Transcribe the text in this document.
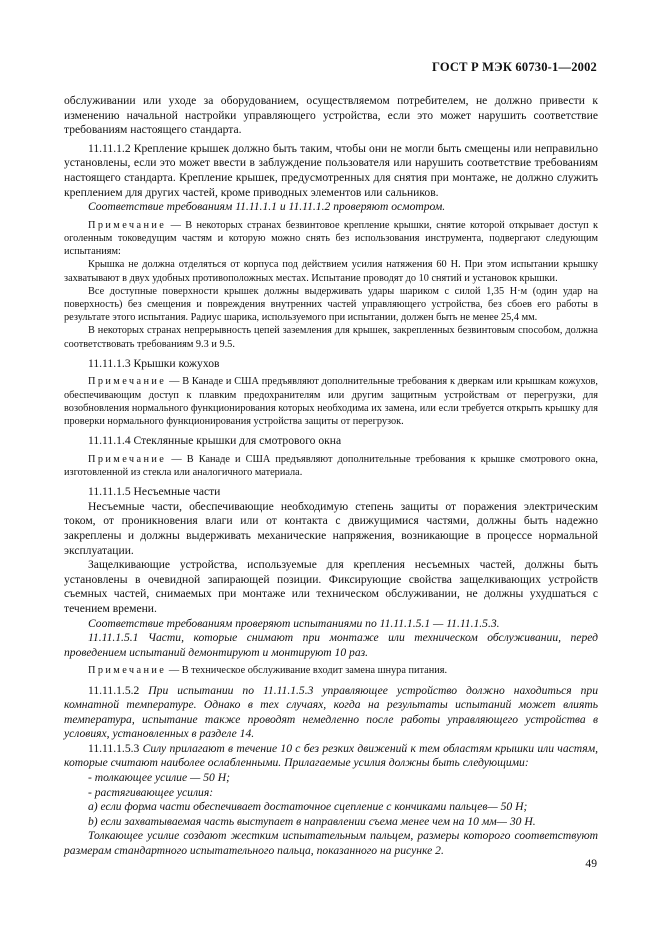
ГОСТ Р МЭК 60730-1—2002

обслуживании или уходе за оборудованием, осуществляемом потребителем, не должно привести к изменению начальной настройки управляющего устройства, если это может нарушить соответствие требованиям настоящего стандарта.

11.11.1.2 Крепление крышек должно быть таким, чтобы они не могли быть смещены или неправильно установлены, если это может ввести в заблуждение пользователя или нарушить соответствие требованиям настоящего стандарта. Крепление крышек, предусмотренных для снятия при монтаже, не должно служить креплением для других частей, кроме приводных элементов или сальников.

Соответствие требованиям 11.11.1.1 и 11.11.1.2 проверяют осмотром.

Примечание — В некоторых странах безвинтовое крепление крышки, снятие которой открывает доступ к оголенным токоведущим частям и которую можно снять без использования инструмента, подвергают следующим испытаниям:

Крышка не должна отделяться от корпуса под действием усилия натяжения 60 Н. При этом испытании крышку захватывают в двух удобных противоположных местах. Испытание проводят до 10 снятий и установок крышки.

Все доступные поверхности крышек должны выдерживать удары шариком с силой 1,35 Н·м (один удар на поверхность) без смещения и повреждения внутренних частей управляющего устройства, без сбоев его работы в результате этого испытания. Радиус шарика, используемого при испытании, должен быть не менее 25,4 мм.

В некоторых странах непрерывность цепей заземления для крышек, закрепленных безвинтовым способом, должна соответствовать требованиям 9.3 и 9.5.

11.11.1.3 Крышки кожухов

Примечание — В Канаде и США предъявляют дополнительные требования к дверкам или крышкам кожухов, обеспечивающим доступ к плавким предохранителям или другим защитным устройствам от перегрузки, для возобновления нормального функционирования которых необходима их замена, или если требуется открыть крышку для проверки нормального функционирования устройства защиты от перегрузок.

11.11.1.4 Стеклянные крышки для смотрового окна

Примечание — В Канаде и США предъявляют дополнительные требования к крышке смотрового окна, изготовленной из стекла или аналогичного материала.

11.11.1.5 Несъемные части

Несъемные части, обеспечивающие необходимую степень защиты от поражения электрическим током, от проникновения влаги или от контакта с движущимися частями, должны быть надежно закреплены и должны выдерживать механические напряжения, возникающие в процессе нормальной эксплуатации.

Защелкивающие устройства, используемые для крепления несъемных частей, должны быть установлены в очевидной запирающей позиции. Фиксирующие свойства защелкивающих устройств съемных частей, снимаемых при монтаже или техническом обслуживании, не должны ухудшаться с течением времени.

Соответствие требованиям проверяют испытаниями по 11.11.1.5.1 — 11.11.1.5.3.

11.11.1.5.1 Части, которые снимают при монтаже или техническом обслуживании, перед проведением испытаний демонтируют и монтируют 10 раз.

Примечание — В техническое обслуживание входит замена шнура питания.

11.11.1.5.2 При испытании по 11.11.1.5.3 управляющее устройство должно находиться при комнатной температуре. Однако в тех случаях, когда на результаты испытаний может влиять температура, испытание также проводят немедленно после работы управляющего устройства в условиях, установленных в разделе 14.

11.11.1.5.3 Силу прилагают в течение 10 с без резких движений к тем областям крышки или частям, которые считают наиболее ослабленными. Прилагаемые усилия должны быть следующими:

- толкающее усилие — 50 Н;

- растягивающее усилия:

a) если форма части обеспечивает достаточное сцепление с кончиками пальцев— 50 Н;

b) если захватываемая часть выступает в направлении съема менее чем на 10 мм— 30 Н.

Толкающее усилие создают жестким испытательным пальцем, размеры которого соответствуют размерам стандартного испытательного пальца, показанного на рисунке 2.

49
